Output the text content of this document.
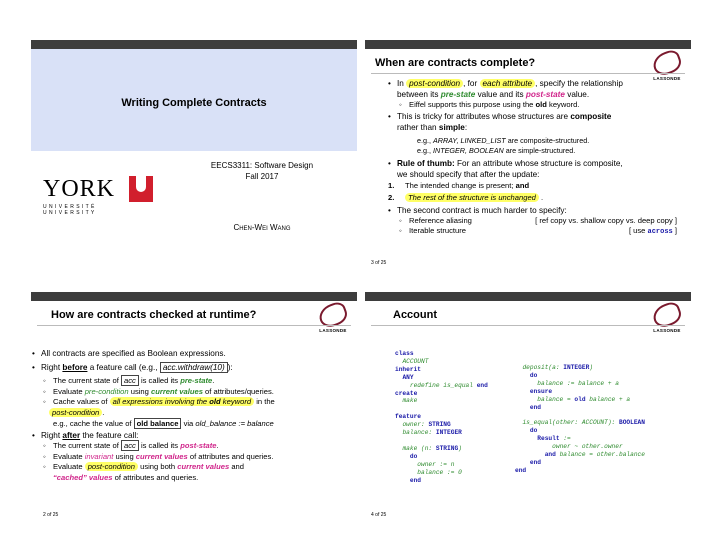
Writing Complete Contracts
YORK
U N I V E R S I T É
U N I V E R S I T Y
EECS3311: Software Design
Fall 2017
Chen-Wei Wang
When are contracts complete?
LASSONDE
• In post-condition , for each attribute , specify the relationship
between its pre-state value and its post-state value.
◦ Eiffel supports this purpose using the old keyword.
• This is tricky for attributes whose structures are composite
rather than simple:
e.g., ARRAY, LINKED_LIST are composite-structured.
e.g., INTEGER, BOOLEAN are simple-structured.
• Rule of thumb: For an attribute whose structure is composite,
we should specify that after the update:
1. The intended change is present; and
2. The rest of the structure is unchanged .
• The second contract is much harder to specify:
◦ Reference aliasing	[ ref copy vs. shallow copy vs. deep copy ]
◦ Iterable structure	[ use across ]
3 of 25
How are contracts checked at runtime?
LASSONDE
• All contracts are specified as Boolean expressions.
• Right before a feature call (e.g., acc.withdraw(10) ):
◦ The current state of acc is called its pre-state.
◦ Evaluate pre-condition using current values of attributes/queries.
◦ Cache values of all expressions involving the old keyword in the
post-condition .
e.g., cache the value of old balance via old_balance := balance
• Right after the feature call:
◦ The current state of acc is called its post-state.
◦ Evaluate invariant using current values of attributes and queries.
◦ Evaluate post-condition using both current values and
“cached” values of attributes and queries.
2 of 25
Account
LASSONDE
class
ACCOUNT
inherit
ANY
redefine is_equal end
create
make

feature
owner: STRING
balance: INTEGER

make (n: STRING)
do
owner := n
balance := 0
end
deposit(a: INTEGER)
do
balance := balance + a
ensure
balance = old balance + a
end

is_equal(other: ACCOUNT): BOOLEAN
do
Result :=
owner ~ other.owner
and balance = other.balance
end
end
4 of 25
